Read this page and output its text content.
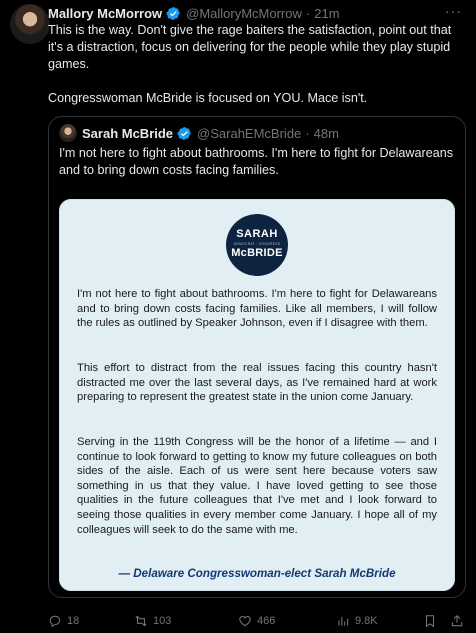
Mallory McMorrow @MalloryMcMorrow · 21m	···

This is the way. Don't give the rage baiters the satisfaction, point out that it's a distraction, focus on delivering for the people while they play stupid games.

Congresswoman McBride is focused on YOU. Mace isn't.

Sarah McBride @SarahEMcBride · 48m
I'm not here to fight about bathrooms. I'm here to fight for Delawareans and to bring down costs facing families.
SARAH
DEMOCRAT · CONGRESS
McBRIDE
I'm not here to fight about bathrooms. I'm here to fight for Delawareans and to bring down costs facing families. Like all members, I will follow the rules as outlined by Speaker Johnson, even if I disagree with them.
This effort to distract from the real issues facing this country hasn't distracted me over the last several days, as I've remained hard at work preparing to represent the greatest state in the union come January.
Serving in the 119th Congress will be the honor of a lifetime — and I continue to look forward to getting to know my future colleagues on both sides of the aisle. Each of us were sent here because voters saw something in us that they value. I have loved getting to see those qualities in the future colleagues that I've met and I look forward to seeing those qualities in every member come January. I hope all of my colleagues will seek to do the same with me.
— Delaware Congresswoman-elect Sarah McBride
18	103	466	9.8K
